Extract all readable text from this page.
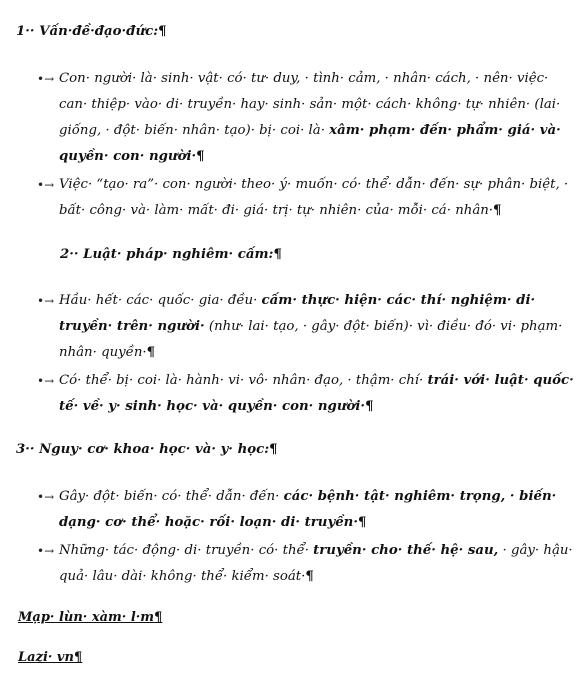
1·· Vấn·đề·đạo·đức:¶
•→ Con· người· là· sinh· vật· có· tư· duy, · tình· cảm, · nhân· cách, · nên· việc· can· thiệp· vào· di· truyền· hay· sinh· sản· một· cách· không· tự· nhiên· (lai· giống, · đột· biến· nhân· tạo)· bị· coi· là· xâm· phạm· đến· phẩm· giá· và· quyền· con· người·¶
•→ Việc· “tạo· ra”· con· người· theo· ý· muốn· có· thể· dẫn· đến· sự· phân· biệt, · bất· công· và· làm· mất· đi· giá· trị· tự· nhiên· của· mỗi· cá· nhân·¶
2·· Luật· pháp· nghiêm· cấm:¶
•→ Hầu· hết· các· quốc· gia· đều· cấm· thực· hiện· các· thí· nghiệm· di· truyền· trên· người· (như· lai· tạo, · gây· đột· biến)· vì· điều· đó· vi· phạm· nhân· quyền·¶
•→ Có· thể· bị· coi· là· hành· vi· vô· nhân· đạo, · thậm· chí· trái· với· luật· quốc· tế· về· y· sinh· học· và· quyền· con· người·¶
3·· Nguy· cơ· khoa· học· và· y· học:¶
•→ Gây· đột· biến· có· thể· dẫn· đến· các· bệnh· tật· nghiêm· trọng, · biến· dạng· cơ· thể· hoặc· rối· loạn· di· truyền·¶
•→ Những· tác· động· di· truyền· có· thể· truyền· cho· thế· hệ· sau, · gây· hậu· quả· lâu· dài· không· thể· kiểm· soát·¶
Mạp· lùn· xàm· l·m¶
Lazi· vn¶
